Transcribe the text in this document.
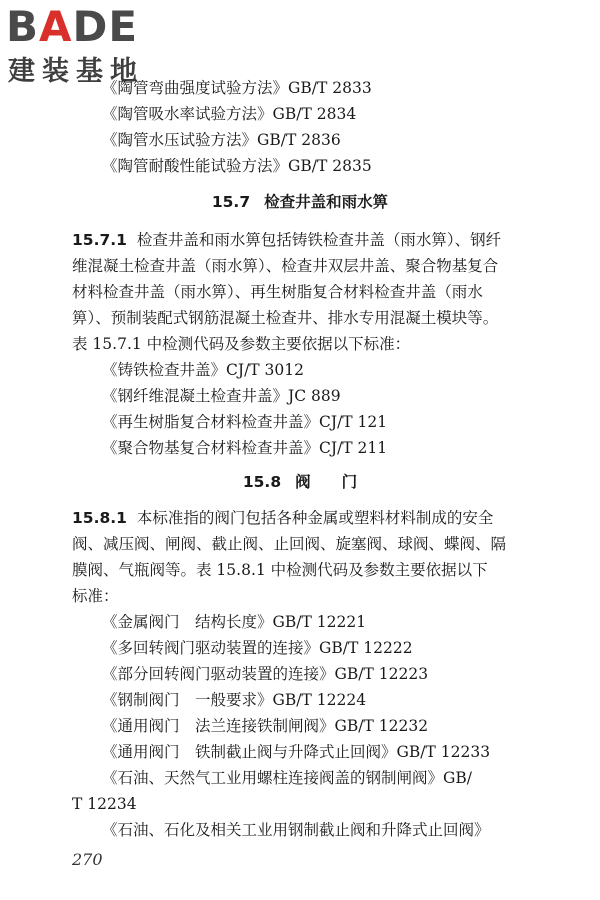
BADE
建装基地
《陶管弯曲强度试验方法》GB/T 2833
《陶管吸水率试验方法》GB/T 2834
《陶管水压试验方法》GB/T 2836
《陶管耐酸性能试验方法》GB/T 2835
15.7 检查井盖和雨水箅
15.7.1 检查井盖和雨水箅包括铸铁检查井盖（雨水箅）、钢纤
维混凝土检查井盖（雨水箅）、检查井双层井盖、聚合物基复合
材料检查井盖（雨水箅）、再生树脂复合材料检查井盖（雨水
箅）、预制装配式钢筋混凝土检查井、排水专用混凝土模块等。
表 15.7.1 中检测代码及参数主要依据以下标准：
《铸铁检查井盖》CJ/T 3012
《钢纤维混凝土检查井盖》JC 889
《再生树脂复合材料检查井盖》CJ/T 121
《聚合物基复合材料检查井盖》CJ/T 211
15.8 阀　　门
15.8.1 本标准指的阀门包括各种金属或塑料材料制成的安全
阀、减压阀、闸阀、截止阀、止回阀、旋塞阀、球阀、蝶阀、隔
膜阀、气瓶阀等。表 15.8.1 中检测代码及参数主要依据以下
标准：
《金属阀门　结构长度》GB/T 12221
《多回转阀门驱动装置的连接》GB/T 12222
《部分回转阀门驱动装置的连接》GB/T 12223
《钢制阀门　一般要求》GB/T 12224
《通用阀门　法兰连接铁制闸阀》GB/T 12232
《通用阀门　铁制截止阀与升降式止回阀》GB/T 12233
《石油、天然气工业用螺柱连接阀盖的钢制闸阀》GB/
T 12234
《石油、石化及相关工业用钢制截止阀和升降式止回阀》
270
